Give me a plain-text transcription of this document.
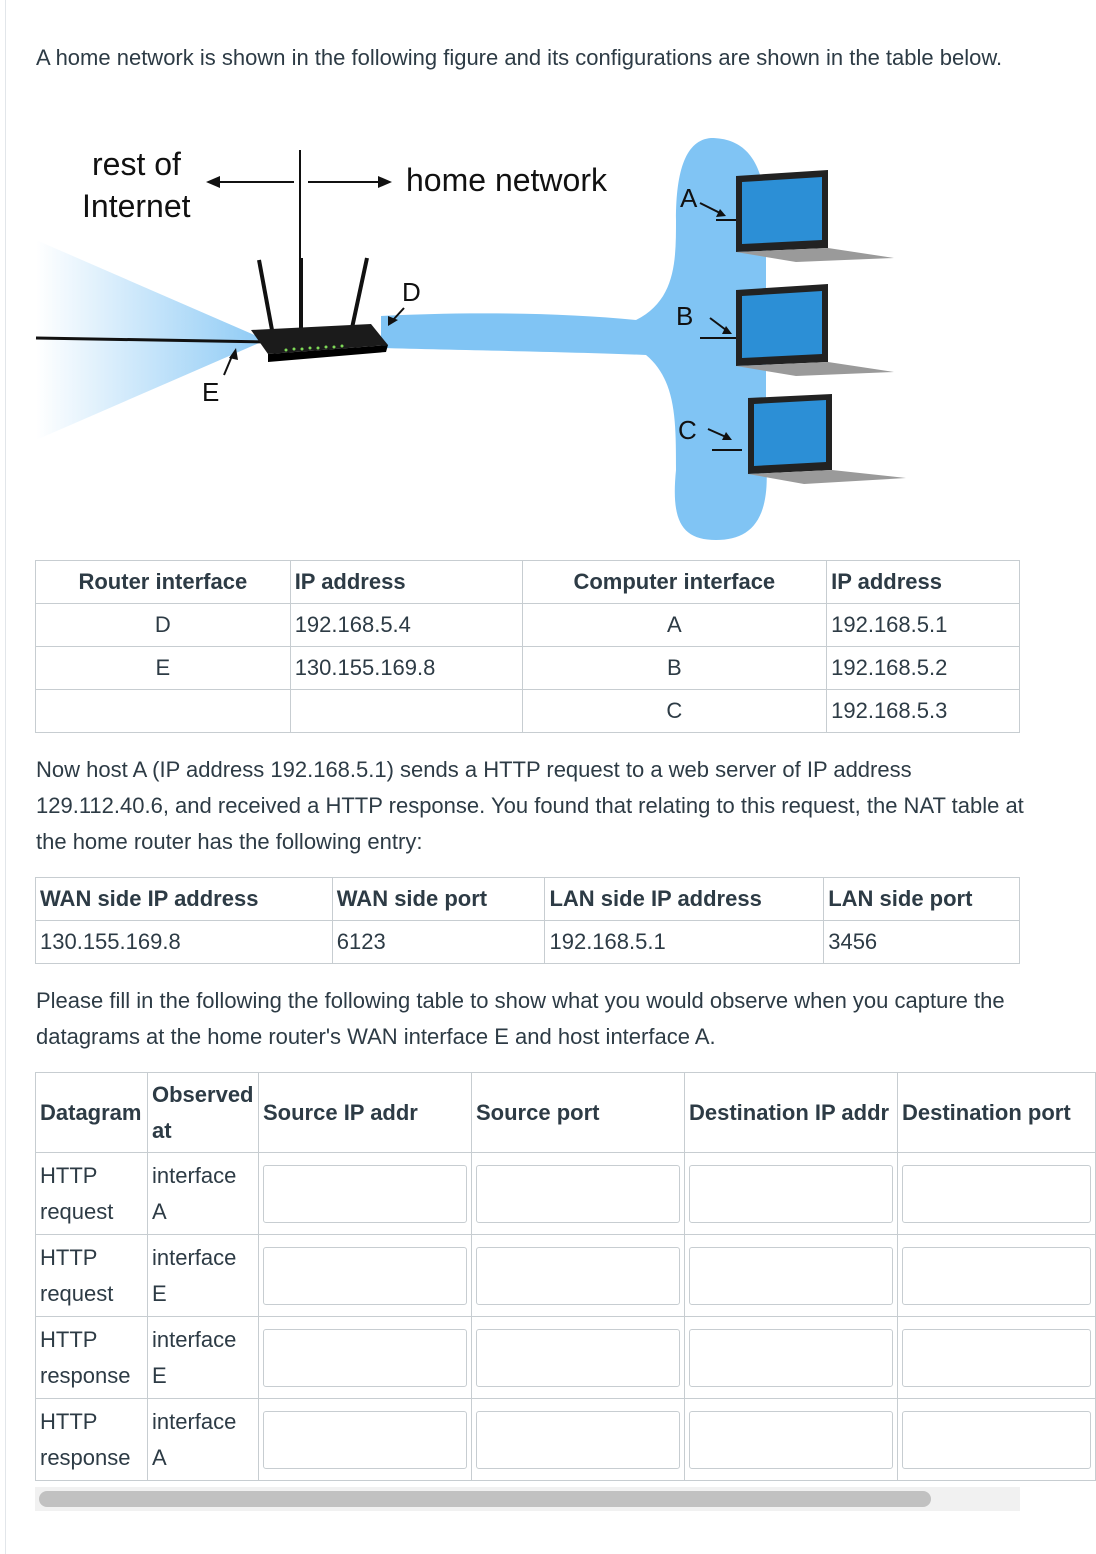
A home network is shown in the following figure and its configurations are shown in the table below.

rest of
Internet
home network
D
E
A
B
C
Router interface	IP address	Computer interface	IP address
D	192.168.5.4	A	192.168.5.1
E	130.155.169.8	B	192.168.5.2
		C	192.168.5.3

Now host A (IP address 192.168.5.1) sends a HTTP request to a web server of IP address 129.112.40.6, and received a HTTP response. You found that relating to this request, the NAT table at the home router has the following entry:

WAN side IP address	WAN side port	LAN side IP address	LAN side port
130.155.169.8	6123	192.168.5.1	3456

Please fill in the following the following table to show what you would observe when you capture the datagrams at the home router's WAN interface E and host interface A.

Datagram	Observed at	Source IP addr	Source port	Destination IP addr	Destination port
HTTP request	interface A				
HTTP request	interface E				
HTTP response	interface E				
HTTP response	interface A				
